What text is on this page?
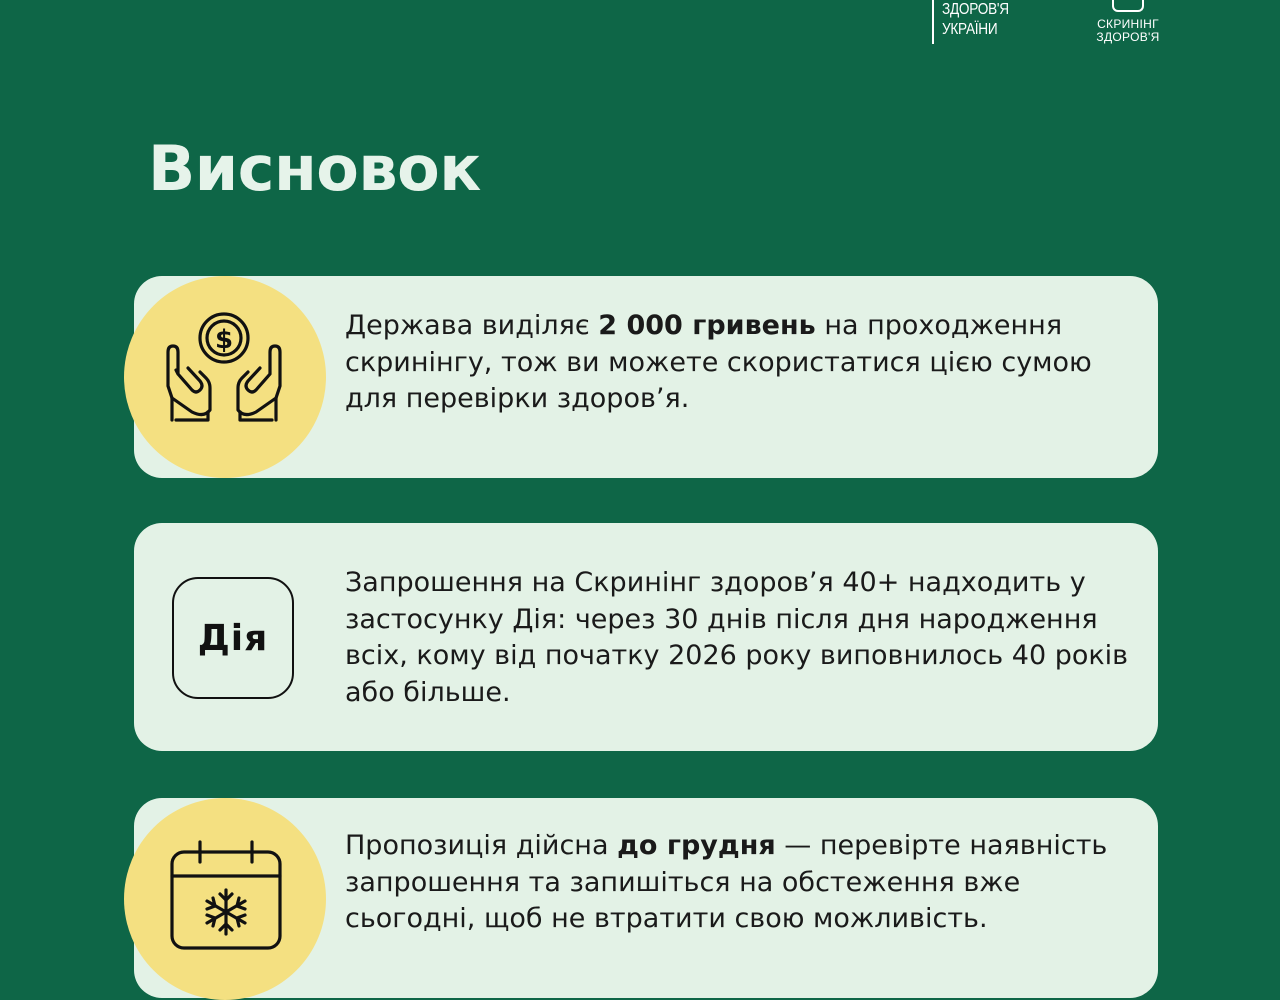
ЗДОРОВ'Я
УКРАЇНИ	СКРИНІНГ
ЗДОРОВ'Я
Висновок
$	Держава виділяє 2 000 гривень на проходження скринінгу, тож ви можете скористатися цією сумою для перевірки здоров’я.

Дія

Запрошення на Скринінг здоров’я 40+ надходить у застосунку Дія: через 30 днів після дня народження всіх, кому від початку 2026 року виповнилось 40 років або більше.

Пропозиція дійсна до грудня — перевірте наявність запрошення та запишіться на обстеження вже сьогодні, щоб не втратити свою можливість.
